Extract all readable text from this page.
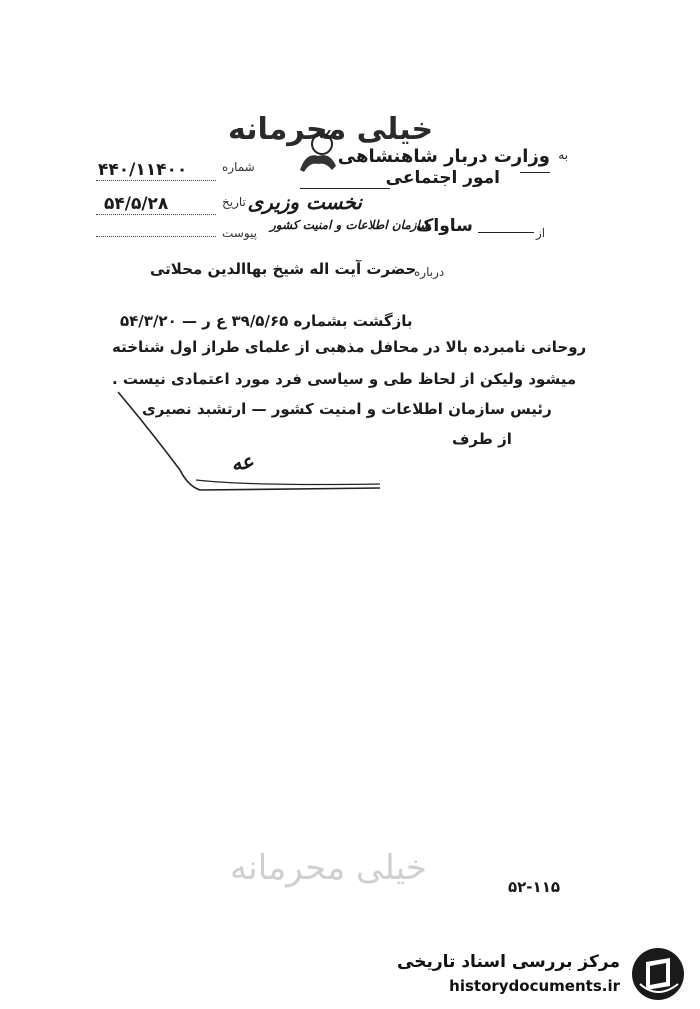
خیلی محرمانه
به
وزارت دربار شاهنشاهی
امور اجتماعی
نخست وزیری
شماره
۴۴۰/۱۱۴۰۰
تاریخ
۵۴/۵/۲۸
پیوست	از
ساواک
سازمان اطلاعات و امنیت کشور
درباره
حضرت آیت اله شیخ بهاالدین محلاتی
بازگشت بشماره ۳۹/۵/۶۵ ع ر — ۵۴/۳/۲۰
روحانی نامبرده بالا در محافل مذهبی از علمای طراز اول شناخته
میشود ولیکن از لحاظ طی و سیاسی فرد مورد اعتمادی نیست .
رئیس سازمان اطلاعات و امنیت کشور — ارتشبد نصیری
از طرف
ع‍ه
خیلی محرمانه	۵۲-۱۱۵
مرکز بررسی اسناد تاریخی
historydocuments.ir
